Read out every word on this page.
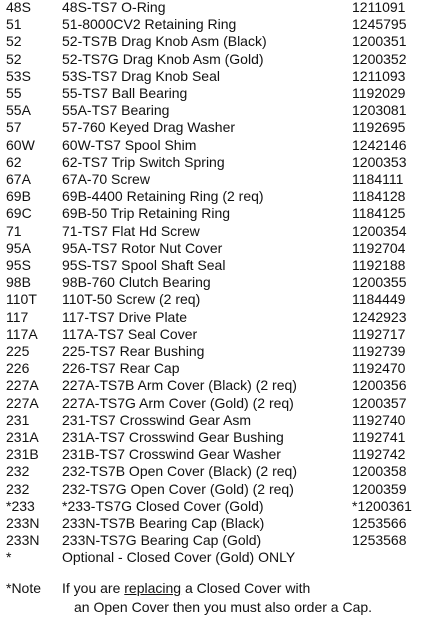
48S 48S-TS7 O-Ring	1211091
51	51-8000CV2 Retaining Ring	1245795
52	52-TS7B Drag Knob Asm (Black)	1200351
52	52-TS7G Drag Knob Asm (Gold)	1200352
53S 53S-TS7 Drag Knob Seal	1211093
55	55-TS7 Ball Bearing	1192029
55A 55A-TS7 Bearing	1203081
57	57-760 Keyed Drag Washer	1192695
60W 60W-TS7 Spool Shim	1242146
62	62-TS7 Trip Switch Spring	1200353
67A 67A-70 Screw	1184111
69B 69B-4400 Retaining Ring (2 req)	1184128
69C 69B-50 Trip Retaining Ring	1184125
71	71-TS7 Flat Hd Screw	1200354
95A 95A-TS7 Rotor Nut Cover	1192704
95S 95S-TS7 Spool Shaft Seal	1192188
98B 98B-760 Clutch Bearing	1200355
110T 110T-50 Screw (2 req)	1184449
117 117-TS7 Drive Plate	1242923
117A 117A-TS7 Seal Cover	1192717
225 225-TS7 Rear Bushing	1192739
226 226-TS7 Rear Cap	1192470
227A 227A-TS7B Arm Cover (Black) (2 req)	1200356
227A 227A-TS7G Arm Cover (Gold) (2 req)	1200357
231 231-TS7 Crosswind Gear Asm	1192740
231A 231A-TS7 Crosswind Gear Bushing	1192741
231B 231B-TS7 Crosswind Gear Washer	1192742
232 232-TS7B Open Cover (Black) (2 req)	1200358
232 232-TS7G Open Cover (Gold) (2 req)	1200359
*233 *233-TS7G Closed Cover (Gold)	*1200361
233N 233N-TS7B Bearing Cap (Black)	1253566
233N 233N-TS7G Bearing Cap (Gold)	1253568
*	Optional - Closed Cover (Gold) ONLY
*Note If you are replacing a Closed Cover with
an Open Cover then you must also order a Cap.
